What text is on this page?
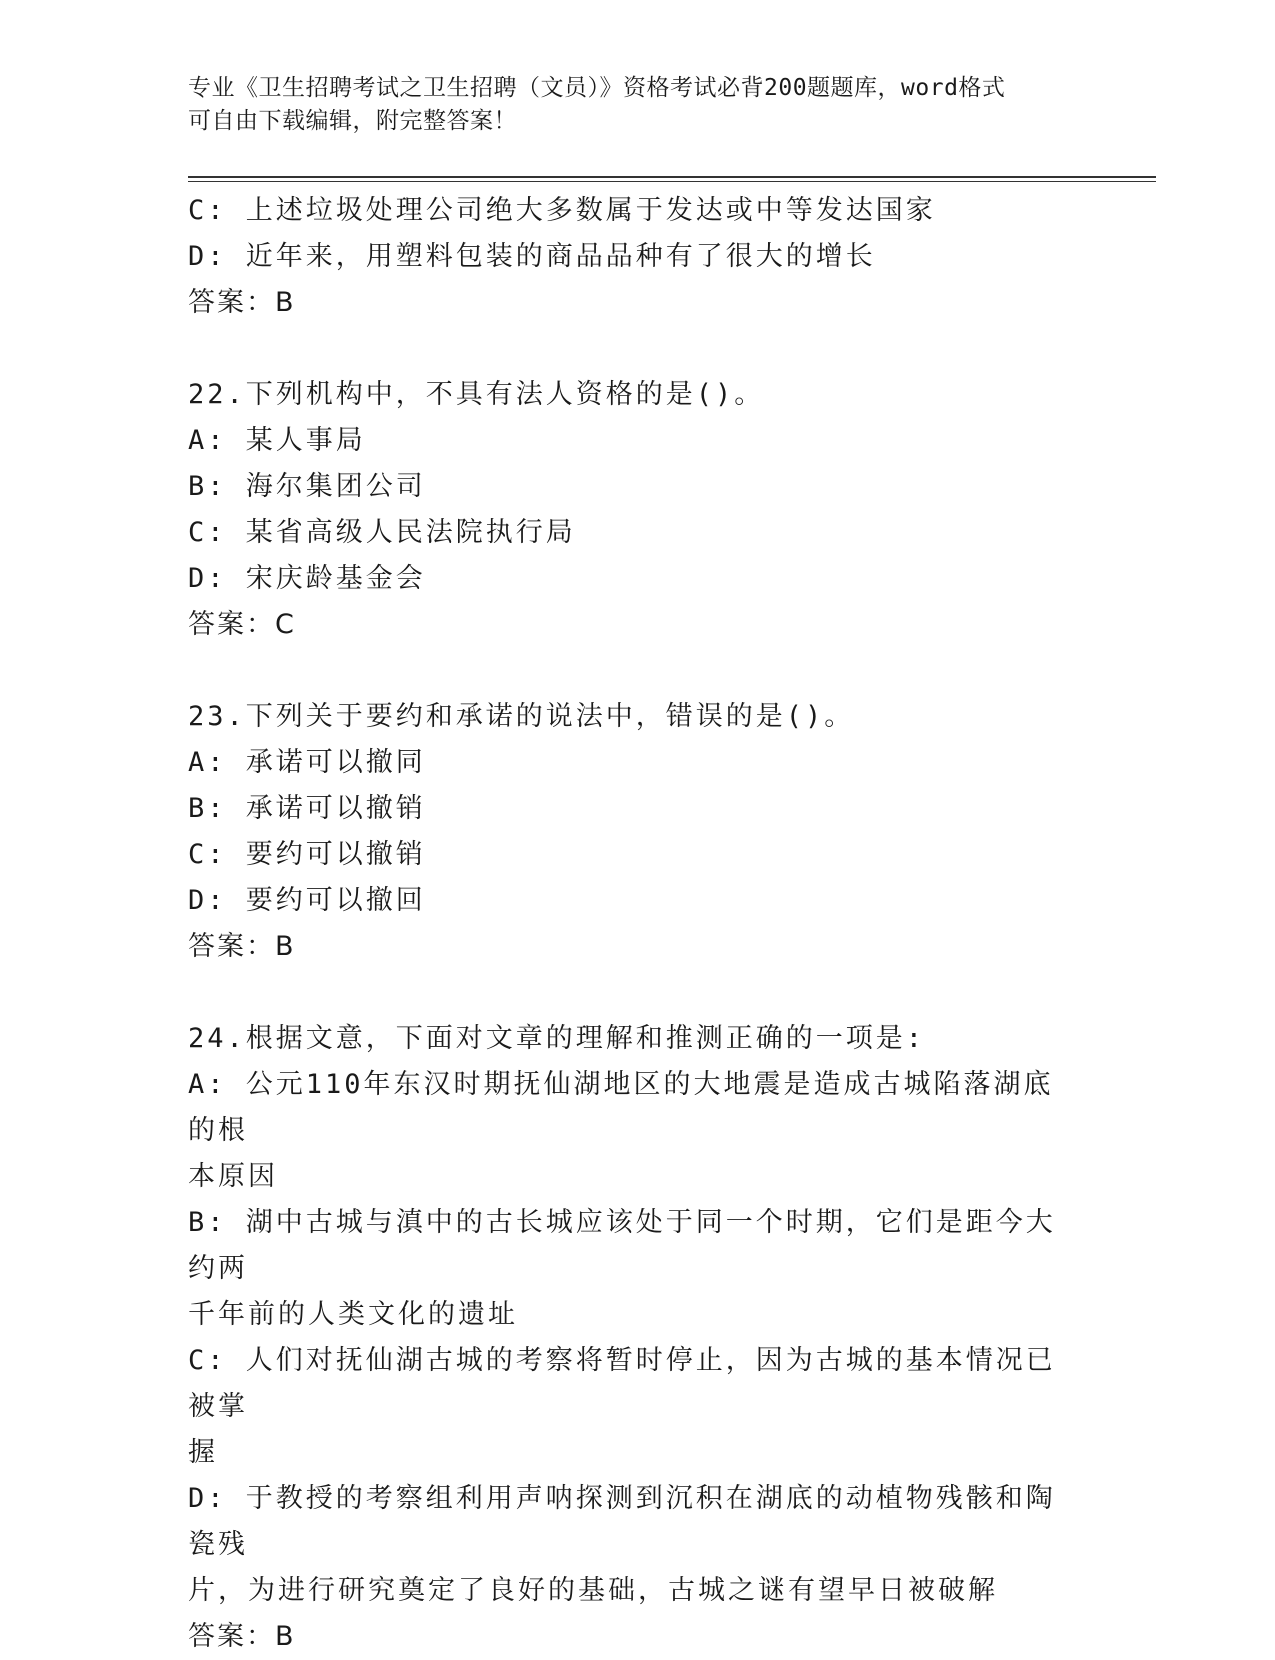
专业《卫生招聘考试之卫生招聘（文员）》资格考试必背200题题库，word格式
可自由下载编辑，附完整答案！
C: 上述垃圾处理公司绝大多数属于发达或中等发达国家
D: 近年来，用塑料包装的商品品种有了很大的增长
答案：B
22.下列机构中，不具有法人资格的是()。
A: 某人事局
B: 海尔集团公司
C: 某省高级人民法院执行局
D: 宋庆龄基金会
答案：C
23.下列关于要约和承诺的说法中，错误的是()。
A: 承诺可以撤同
B: 承诺可以撤销
C: 要约可以撤销
D: 要约可以撤回
答案：B
24.根据文意，下面对文章的理解和推测正确的一项是:
A: 公元110年东汉时期抚仙湖地区的大地震是造成古城陷落湖底的根
本原因
B: 湖中古城与滇中的古长城应该处于同一个时期，它们是距今大约两
千年前的人类文化的遗址
C: 人们对抚仙湖古城的考察将暂时停止，因为古城的基本情况已被掌
握
D: 于教授的考察组利用声呐探测到沉积在湖底的动植物残骸和陶瓷残
片，为进行研究奠定了良好的基础，古城之谜有望早日被破解
答案：B
